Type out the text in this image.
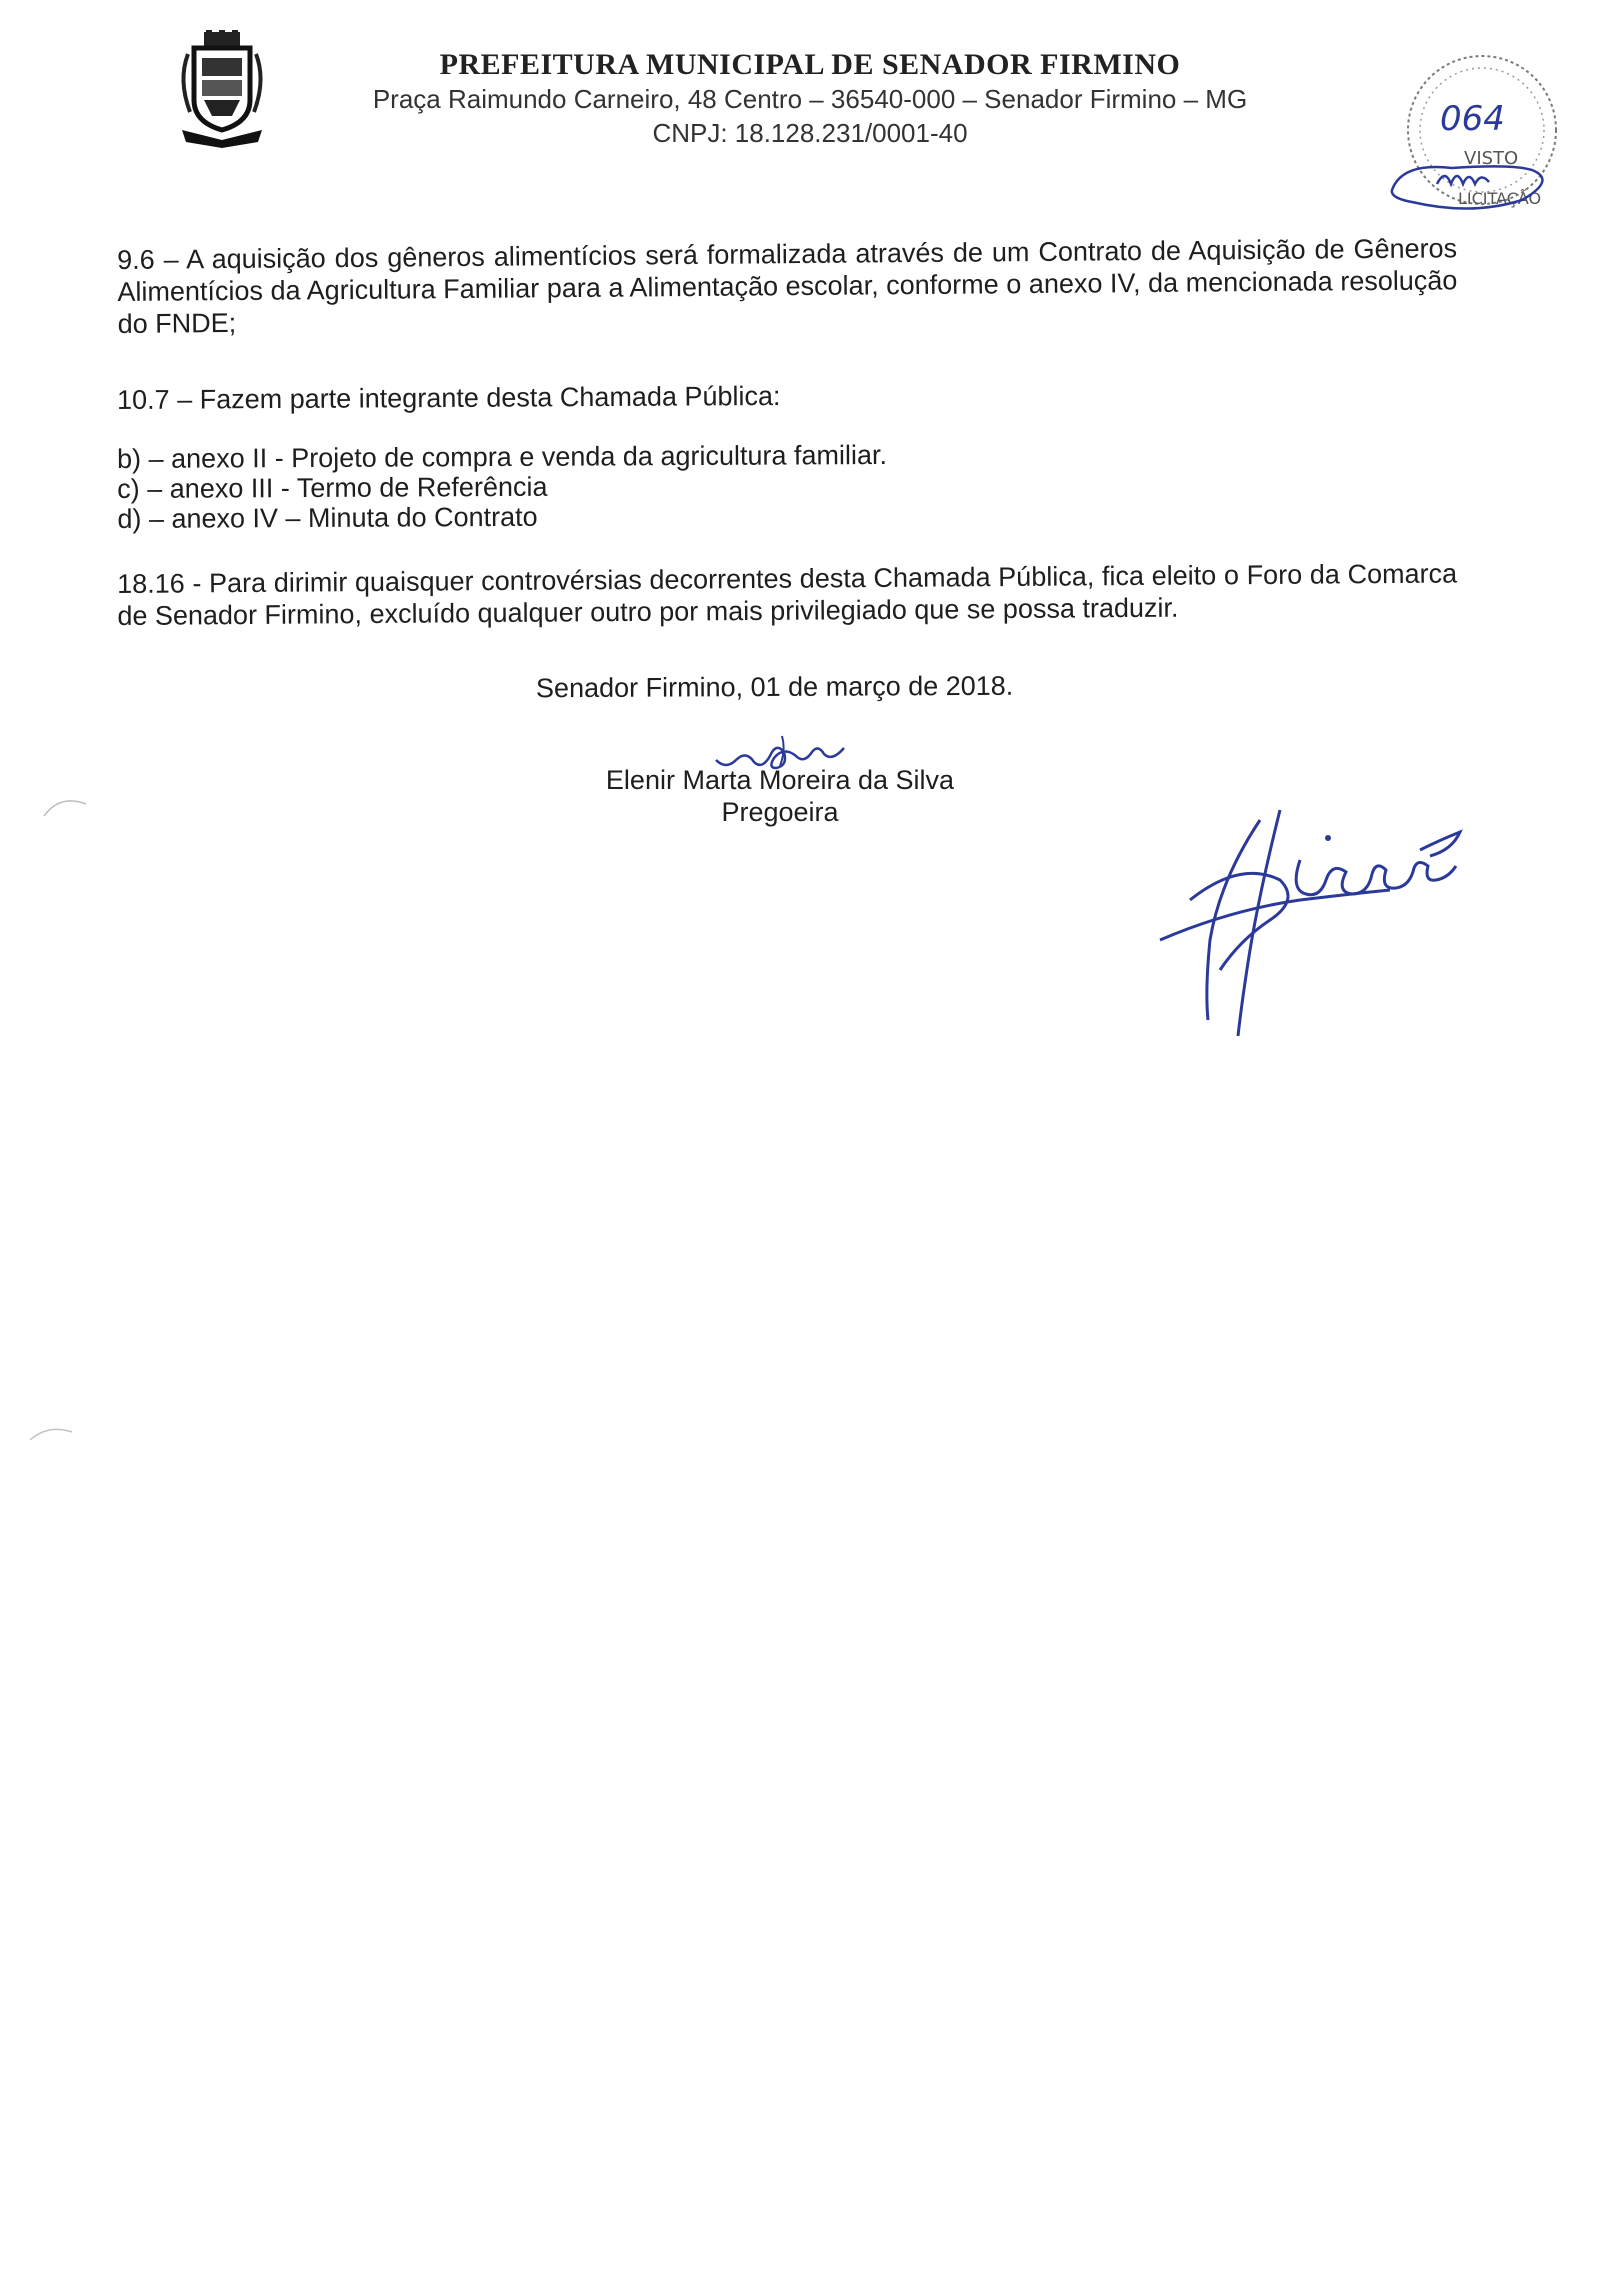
PREFEITURA MUNICIPAL DE SENADOR FIRMINO
Praça Raimundo Carneiro, 48 Centro – 36540-000 – Senador Firmino – MG
CNPJ: 18.128.231/0001-40	064
VISTO
LICITAÇÃO
9.6 – A aquisição dos gêneros alimentícios será formalizada através de um Contrato de Aquisição de Gêneros Alimentícios da Agricultura Familiar para a Alimentação escolar, conforme o anexo IV, da mencionada resolução do FNDE;
10.7 – Fazem parte integrante desta Chamada Pública:
b) – anexo II - Projeto de compra e venda da agricultura familiar.
c) – anexo III - Termo de Referência
d) – anexo IV – Minuta do Contrato
18.16 - Para dirimir quaisquer controvérsias decorrentes desta Chamada Pública, fica eleito o Foro da Comarca de Senador Firmino, excluído qualquer outro por mais privilegiado que se possa traduzir.
Senador Firmino, 01 de março de 2018.
Elenir Marta Moreira da Silva
Pregoeira
